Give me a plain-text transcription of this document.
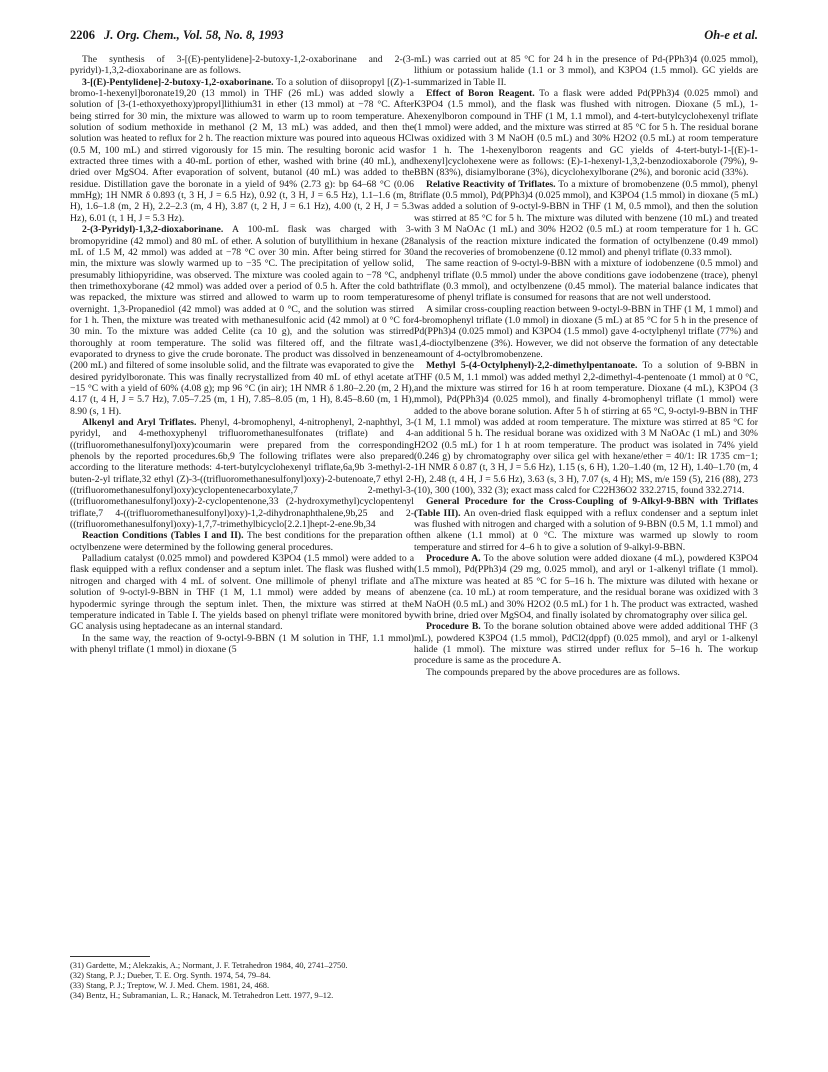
2206 J. Org. Chem., Vol. 58, No. 8, 1993	Oh-e et al.

The synthesis of 3-[(E)-pentylidene]-2-butoxy-1,2-oxaborinane and 2-(3-pyridyl)-1,3,2-dioxaborinane are as follows.

3-[(E)-Pentylidene]-2-butoxy-1,2-oxaborinane. To a solution of diisopropyl [(Z)-1-bromo-1-hexenyl]boronate19,20 (13 mmol) in THF (26 mL) was added slowly a solution of [3-(1-ethoxyethoxy)propyl]lithium31 in ether (13 mmol) at −78 °C. After being stirred for 30 min, the mixture was allowed to warm up to room temperature. A solution of sodium methoxide in methanol (2 M, 13 mL) was added, and then the solution was heated to reflux for 2 h. The reaction mixture was poured into aqueous HCl (0.5 M, 100 mL) and stirred vigorously for 15 min. The resulting boronic acid was extracted three times with a 40-mL portion of ether, washed with brine (40 mL), and dried over MgSO4. After evaporation of solvent, butanol (40 mL) was added to the residue. Distillation gave the boronate in a yield of 94% (2.73 g): bp 64–68 °C (0.06 mmHg); 1H NMR δ 0.893 (t, 3 H, J = 6.5 Hz), 0.92 (t, 3 H, J = 6.5 Hz), 1.1–1.6 (m, 8 H), 1.6–1.8 (m, 2 H), 2.2–2.3 (m, 4 H), 3.87 (t, 2 H, J = 6.1 Hz), 4.00 (t, 2 H, J = 5.3 Hz), 6.01 (t, 1 H, J = 5.3 Hz).

2-(3-Pyridyl)-1,3,2-dioxaborinane. A 100-mL flask was charged with 3-bromopyridine (42 mmol) and 80 mL of ether. A solution of butyllithium in hexane (28 mL of 1.5 M, 42 mmol) was added at −78 °C over 30 min. After being stirred for 30 min, the mixture was slowly warmed up to −35 °C. The precipitation of yellow solid, presumably lithiopyridine, was observed. The mixture was cooled again to −78 °C, and then trimethoxyborane (42 mmol) was added over a period of 0.5 h. After the cold bath was repacked, the mixture was stirred and allowed to warm up to room temperature overnight. 1,3-Propanediol (42 mmol) was added at 0 °C, and the solution was stirred for 1 h. Then, the mixture was treated with methanesulfonic acid (42 mmol) at 0 °C for 30 min. To the mixture was added Celite (ca 10 g), and the solution was stirred thoroughly at room temperature. The solid was filtered off, and the filtrate was evaporated to dryness to give the crude boronate. The product was dissolved in benzene (200 mL) and filtered of some insoluble solid, and the filtrate was evaporated to give the desired pyridylboronate. This was finally recrystallized from 40 mL of ethyl acetate at −15 °C with a yield of 60% (4.08 g); mp 96 °C (in air); 1H NMR δ 1.80–2.20 (m, 2 H), 4.17 (t, 4 H, J = 5.7 Hz), 7.05–7.25 (m, 1 H), 7.85–8.05 (m, 1 H), 8.45–8.60 (m, 1 H), 8.90 (s, 1 H).

Alkenyl and Aryl Triflates. Phenyl, 4-bromophenyl, 4-nitrophenyl, 2-naphthyl, 3-pyridyl, and 4-methoxyphenyl trifluoromethanesulfonates (triflate) and 4-((trifluoromethanesulfonyl)oxy)coumarin were prepared from the corresponding phenols by the reported procedures.6b,9 The following triflates were also prepared according to the literature methods: 4-tert-butylcyclohexenyl triflate,6a,9b 3-methyl-2-buten-2-yl triflate,32 ethyl (Z)-3-((trifluoromethanesulfonyl)oxy)-2-butenoate,7 ethyl 2-((trifluoromethanesulfonyl)oxy)cyclopentenecarboxylate,7 2-methyl-3-((trifluoromethanesulfonyl)oxy)-2-cyclopentenone,33 (2-hydroxymethyl)cyclopentenyl triflate,7 4-((trifluoromethanesulfonyl)oxy)-1,2-dihydronaphthalene,9b,25 and 2-((trifluoromethanesulfonyl)oxy)-1,7,7-trimethylbicyclo[2.2.1]hept-2-ene.9b,34

Reaction Conditions (Tables I and II). The best conditions for the preparation of octylbenzene were determined by the following general procedures.

Palladium catalyst (0.025 mmol) and powdered K3PO4 (1.5 mmol) were added to a flask equipped with a reflux condenser and a septum inlet. The flask was flushed with nitrogen and charged with 4 mL of solvent. One millimole of phenyl triflate and a solution of 9-octyl-9-BBN in THF (1 M, 1.1 mmol) were added by means of a hypodermic syringe through the septum inlet. Then, the mixture was stirred at the temperature indicated in Table I. The yields based on phenyl triflate were monitored by GC analysis using heptadecane as an internal standard.

In the same way, the reaction of 9-octyl-9-BBN (1 M solution in THF, 1.1 mmol) with phenyl triflate (1 mmol) in dioxane (5

mL) was carried out at 85 °C for 24 h in the presence of Pd-(PPh3)4 (0.025 mmol), lithium or potassium halide (1.1 or 3 mmol), and K3PO4 (1.5 mmol). GC yields are summarized in Table II.

Effect of Boron Reagent. To a flask were added Pd(PPh3)4 (0.025 mmol) and K3PO4 (1.5 mmol), and the flask was flushed with nitrogen. Dioxane (5 mL), 1-hexenylboron compound in THF (1 M, 1.1 mmol), and 4-tert-butylcyclohexenyl triflate (1 mmol) were added, and the mixture was stirred at 85 °C for 5 h. The residual borane was oxidized with 3 M NaOH (0.5 mL) and 30% H2O2 (0.5 mL) at room temperature for 1 h. The 1-hexenylboron reagents and GC yields of 4-tert-butyl-1-[(E)-1-hexenyl]cyclohexene were as follows: (E)-1-hexenyl-1,3,2-benzodioxaborole (79%), 9-BBN (83%), disiamylborane (3%), dicyclohexylborane (2%), and boronic acid (33%).

Relative Reactivity of Triflates. To a mixture of bromobenzene (0.5 mmol), phenyl triflate (0.5 mmol), Pd(PPh3)4 (0.025 mmol), and K3PO4 (1.5 mmol) in dioxane (5 mL) was added a solution of 9-octyl-9-BBN in THF (1 M, 0.5 mmol), and then the solution was stirred at 85 °C for 5 h. The mixture was diluted with benzene (10 mL) and treated with 3 M NaOAc (1 mL) and 30% H2O2 (0.5 mL) at room temperature for 1 h. GC analysis of the reaction mixture indicated the formation of octylbenzene (0.49 mmol) and the recoveries of bromobenzene (0.12 mmol) and phenyl triflate (0.33 mmol).

The same reaction of 9-octyl-9-BBN with a mixture of iodobenzene (0.5 mmol) and phenyl triflate (0.5 mmol) under the above conditions gave iodobenzene (trace), phenyl triflate (0.3 mmol), and octylbenzene (0.45 mmol). The material balance indicates that some of phenyl triflate is consumed for reasons that are not well understood.

A similar cross-coupling reaction between 9-octyl-9-BBN in THF (1 M, 1 mmol) and 4-bromophenyl triflate (1.0 mmol) in dioxane (5 mL) at 85 °C for 5 h in the presence of Pd(PPh3)4 (0.025 mmol) and K3PO4 (1.5 mmol) gave 4-octylphenyl triflate (77%) and 1,4-dioctylbenzene (3%). However, we did not observe the formation of any detectable amount of 4-octylbromobenzene.

Methyl 5-(4-Octylphenyl)-2,2-dimethylpentanoate. To a solution of 9-BBN in THF (0.5 M, 1.1 mmol) was added methyl 2,2-dimethyl-4-pentenoate (1 mmol) at 0 °C, and the mixture was stirred for 16 h at room temperature. Dioxane (4 mL), K3PO4 (3 mmol), Pd(PPh3)4 (0.025 mmol), and finally 4-bromophenyl triflate (1 mmol) were added to the above borane solution. After 5 h of stirring at 65 °C, 9-octyl-9-BBN in THF (1 M, 1.1 mmol) was added at room temperature. The mixture was stirred at 85 °C for an additional 5 h. The residual borane was oxidized with 3 M NaOAc (1 mL) and 30% H2O2 (0.5 mL) for 1 h at room temperature. The product was isolated in 74% yield (0.246 g) by chromatography over silica gel with hexane/ether = 40/1: IR 1735 cm−1; 1H NMR δ 0.87 (t, 3 H, J = 5.6 Hz), 1.15 (s, 6 H), 1.20–1.40 (m, 12 H), 1.40–1.70 (m, 4 H), 2.48 (t, 4 H, J = 5.6 Hz), 3.63 (s, 3 H), 7.07 (s, 4 H); MS, m/e 159 (5), 216 (88), 273 (10), 300 (100), 332 (3); exact mass calcd for C22H36O2 332.2715, found 332.2714.

General Procedure for the Cross-Coupling of 9-Alkyl-9-BBN with Triflates (Table III). An oven-dried flask equipped with a reflux condenser and a septum inlet was flushed with nitrogen and charged with a solution of 9-BBN (0.5 M, 1.1 mmol) and then alkene (1.1 mmol) at 0 °C. The mixture was warmed up slowly to room temperature and stirred for 4–6 h to give a solution of 9-alkyl-9-BBN.

Procedure A. To the above solution were added dioxane (4 mL), powdered K3PO4 (1.5 mmol), Pd(PPh3)4 (29 mg, 0.025 mmol), and aryl or 1-alkenyl triflate (1 mmol). The mixture was heated at 85 °C for 5–16 h. The mixture was diluted with hexane or benzene (ca. 10 mL) at room temperature, and the residual borane was oxidized with 3 M NaOH (0.5 mL) and 30% H2O2 (0.5 mL) for 1 h. The product was extracted, washed with brine, dried over MgSO4, and finally isolated by chromatography over silica gel.

Procedure B. To the borane solution obtained above were added additional THF (3 mL), powdered K3PO4 (1.5 mmol), PdCl2(dppf) (0.025 mmol), and aryl or 1-alkenyl halide (1 mmol). The mixture was stirred under reflux for 5–16 h. The workup procedure is same as the procedure A.

The compounds prepared by the above procedures are as follows.

(31) Gardette, M.; Alekzakis, A.; Normant, J. F. Tetrahedron 1984, 40, 2741–2750.

(32) Stang, P. J.; Dueber, T. E. Org. Synth. 1974, 54, 79–84.

(33) Stang, P. J.; Treptow, W. J. Med. Chem. 1981, 24, 468.

(34) Bentz, H.; Subramanian, L. R.; Hanack, M. Tetrahedron Lett. 1977, 9–12.
